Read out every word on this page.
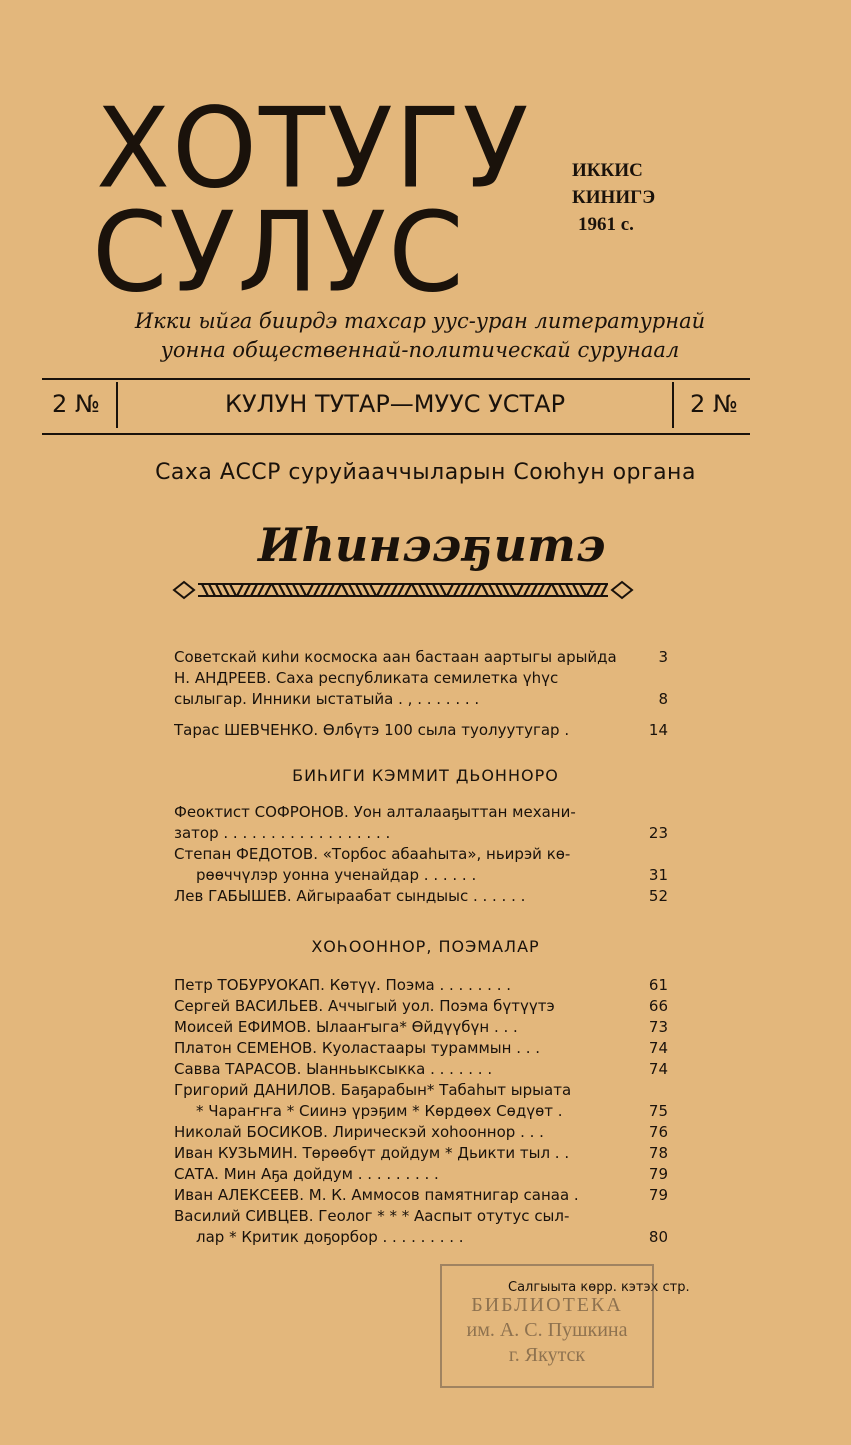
ХОТУГУ
СУЛУС
ИККИС
КИНИГЭ
1961 с.
Икки ыйга биирдэ тахсар уус-уран литературнай
уонна общественнай-политическай сурунаал
2 №	КУЛУН ТУТАР—МУУС УСТАР	2 №
Саха АССР суруйааччыларын Союһун органа
Иһинээҕитэ
Советскай киһи космоска аан бастаан аартыгы арыйда	3
Н. АНДРЕЕВ. Саха республиката семилетка үһүс
сылыгар. Инники ыстатыйа . , . . . . . . .	8
Тарас ШЕВЧЕНКО. Өлбүтэ 100 сыла туолуутугар .	14
БИҺИГИ КЭММИТ ДЬОННОРО
Феоктист СОФРОНОВ. Уон алталааҕыттан механи-
затор . . . . . . . . . . . . . . . . . .	23
Степан ФЕДОТОВ. «Торбос абааһыта», ньирэй кө-
рөөччүлэр уонна ученайдар . . . . . .	31
Лев ГАБЫШЕВ. Айгыраабат сындыыс . . . . . .	52
ХОҺООННОР, ПОЭМАЛАР
Петр ТОБУРУОКАП. Көтүү. Поэма . . . . . . . .	61
Сергей ВАСИЛЬЕВ. Аччыгый уол. Поэма бүтүүтэ	66
Моисей ЕФИМОВ. Ылааҥыга* Өйдүүбүн . . .	73
Платон СЕМЕНОВ. Куоластаары тураммын . . .	74
Савва ТАРАСОВ. Ыанньыксыкка . . . . . . .	74
Григорий ДАНИЛОВ. Баҕарабын* Табаһыт ырыата
* Чараҥҥа * Сиинэ үрэҕим * Көрдөөх Сөдүөт .	75
Николай БОСИКОВ. Лирическэй хоһооннор . . .	76
Иван КУЗЬМИН. Төрөөбүт дойдум * Дьикти тыл . .	78
САТА. Мин Аҕа дойдум . . . . . . . . .	79
Иван АЛЕКСЕЕВ. М. К. Аммосов памятнигар санаа .	79
Василий СИВЦЕВ. Геолог * * * Ааспыт отутус сыл-
лар * Критик доҕорбор . . . . . . . . .	80
Салгыыта көрр. кэтэх стр.
БИБЛИОТЕКА
им. А. С. Пушкина
г. Якутск
